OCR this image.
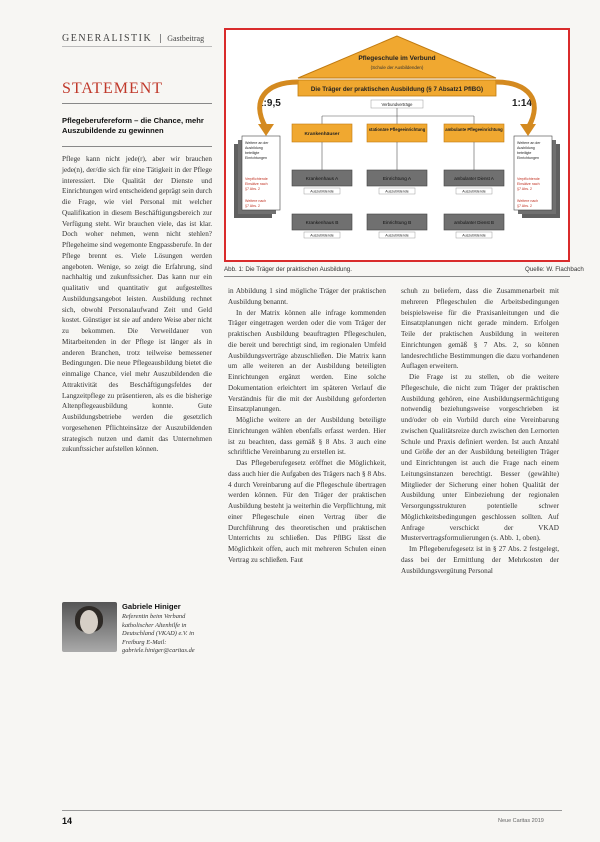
GENERALISTIK Gastbeitrag
STATEMENT
Pflegeberufereform – die Chance, mehr Auszubildende zu gewinnen

Pflege kann nicht jede(r), aber wir brauchen jede(n), der/die sich für eine Tätigkeit in der Pflege interessiert. Die Qualität der Dienste und Einrichtungen wird entscheidend geprägt sein durch die Frage, wie viel Personal mit welcher Qualifikation in diesem Beschäftigungsbereich zur Verfügung steht. Wir brauchen viele, das ist klar. Doch woher nehmen, wenn nicht stehlen? Pflegeheime sind wegemonte Engpassberufe. In der Pflege brennt es. Viele Lösungen werden angeboten. Wenige, so zeigt die Erfahrung, sind nachhaltig und zukunftssicher. Das kann nur ein qualitativ und quantitativ gut aufgestelltes Ausbildungsangebot leisten. Ausbildung rechnet sich, obwohl Personalaufwand Zeit und Geld kostet. Günstiger ist sie auf andere Weise aber nicht zu bekommen. Die Verweildauer von Mitarbeitenden in der Pflege ist länger als in anderen Branchen, trotz teilweise bemessener Bedingungen. Die neue Pflegeausbildung bietet die einmalige Chance, viel mehr Auszubildenden die Attraktivität des Beschäftigungsfeldes der Langzeitpflege zu präsentieren, als es die bisherige Altenpflegeausbildung konnte. Gute Ausbildungsbetriebe werden die gesetzlich vorgesehenen Pflichteinsätze der Auszubildenden strategisch nutzen und damit das Unternehmen zukunftssicher aufstellen können.

Gabriele Hiniger
Referentin beim Verband katholischer Altenhilfe in Deutschland (VKAD) e.V. in Freiburg E-Mail: gabriele.hiniger@caritas.de
Pflegeschule im Verbund
(Schule der Ausbildenden)
Die Träger der praktischen Ausbildung (§ 7 Absatz1 PflBG)
1:9,5	1:14
Verbundverträge
Krankenhäuser
stationäre Pflegeeinrichtung	ambulante Pflegeeinrichtung
Krankenhaus A	Einrichtung A	ambulanter Dienst A
Auszubildende	Auszubildende	Auszubildende
Krankenhaus B	Einrichtung B	ambulanter Dienst B
Auszubildende	Auszubildende	Auszubildende
Weitere an der
Ausbildung
beteiligte
Einrichtungen
Verpflichtende
Einsätze nach
§7 Abs. 2
Weitere nach
§7 Abs. 2
Weitere an der
Ausbildung
beteiligte
Einrichtungen
Verpflichtende
Einsätze nach
§7 Abs. 2
Weitere nach
§7 Abs. 2
Abb. 1: Die Träger der praktischen Ausbildung.	Quelle: W. Flachbach

in Abbildung 1 sind mögliche Träger der praktischen Ausbildung benannt.

In der Matrix können alle infrage kommenden Träger eingetragen werden oder die vom Träger der praktischen Ausbildung beauftragten Pflegeschulen, die bereit und berechtigt sind, im regionalen Umfeld Ausbildungsverträge abzuschließen. Die Matrix kann um alle weiteren an der Ausbildung beteiligten Einrichtungen ergänzt werden. Eine solche Dokumentation erleichtert im späteren Verlauf die Verständnis für die mit der Ausbildung geforderten Einsatzplanungen.

Mögliche weitere an der Ausbildung beteiligte Einrichtungen wählen ebenfalls erfasst werden. Hier ist zu beachten, dass gemäß § 8 Abs. 3 auch eine schriftliche Vereinbarung zu erstellen ist.

Das Pflegeberufegesetz eröffnet die Möglichkeit, dass auch hier die Aufgaben des Trägers nach § 8 Abs. 4 durch Vereinbarung auf die Pflegeschule übertragen werden können. Für den Träger der praktischen Ausbildung besteht ja weiterhin die Verpflichtung, mit einer Pflegeschule einen Vertrag über die Durchführung des theoretischen und praktischen Unterrichts zu schließen. Das PflBG lässt die Möglichkeit offen, auch mit mehreren Schulen einen Vertrag zu schließen. Faut

schuh zu beliefern, dass die Zusammenarbeit mit mehreren Pflegeschulen die Arbeitsbedingungen beispielsweise für die Praxisanleitungen und die Einsatzplanungen nicht gerade mindern. Erfolgen Teile der praktischen Ausbildung in weiteren Einrichtungen gemäß § 7 Abs. 2, so können landesrechtliche Bestimmungen die dazu vorhandenen Auflagen erweitern.

Die Frage ist zu stellen, ob die weitere Pflegeschule, die nicht zum Träger der praktischen Ausbildung gehören, eine Ausbildungsermächtigung notwendig beziehungsweise vorgeschrieben ist und/oder ob ein Vorbild durch eine Vereinbarung zwischen Qualitätsreize durch zwischen den Lernorten Schule und Praxis definiert werden. Ist auch Anzahl und Größe der an der Ausbildung beteiligten Träger und Einrichtungen ist auch die Frage nach einem Leitungsinstanzen berechtigt. Besser (gewählte) Mitglieder der Sicherung einer hohen Qualität der Ausbildung unter Einbeziehung der regionalen Versorgungsstrukturen potentielle schwer Möglichkeitsbedingungen geschlossen sollten. Auf Anfrage verschickt der VKAD Mustervertragsformulierungen (s. Abb. 1, oben).

Im Pflegeberufegesetz ist in § 27 Abs. 2 festgelegt, dass bei der Ermittlung der Mehrkosten der Ausbildungsvergütung Personal

14	Neue Caritas 2019
